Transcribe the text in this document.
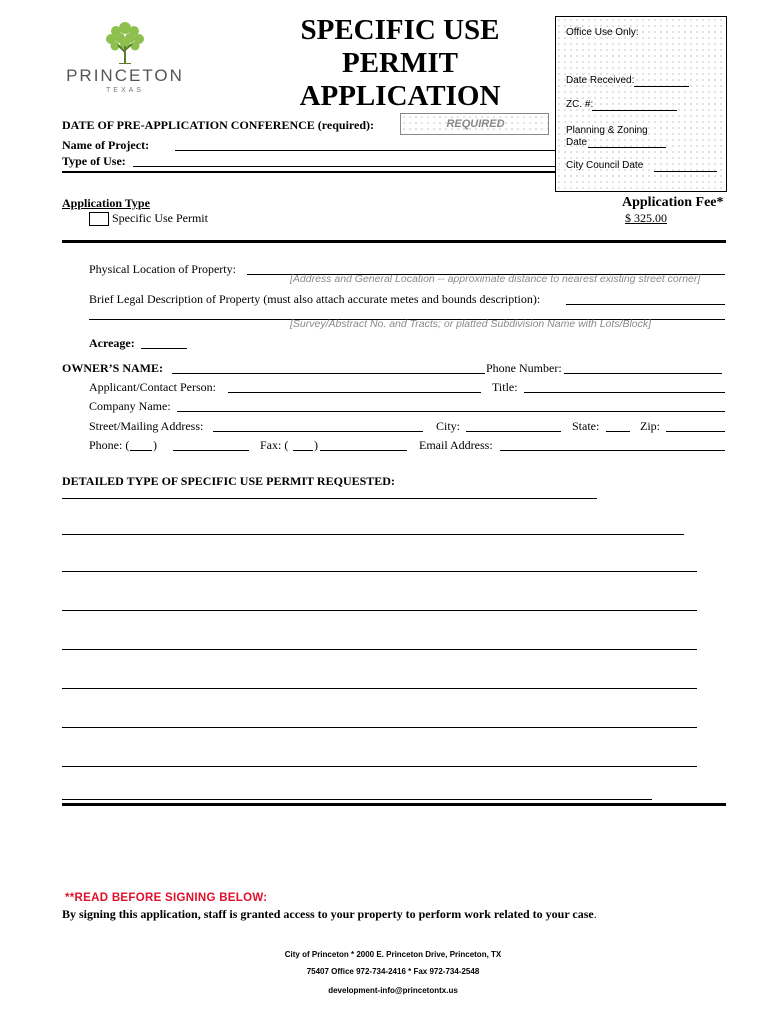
PRINCETON
TEXAS
SPECIFIC USE
PERMIT
APPLICATION
Office Use Only:
Date Received:
ZC. #:
Planning & Zoning
Date
City Council Date
DATE OF PRE-APPLICATION CONFERENCE (required):	REQUIRED
Name of Project:
Type of Use:
Application Type
Specific Use Permit
Application Fee*
$ 325.00
Physical Location of Property:
[Address and General Location -- approximate distance to nearest existing street corner]
Brief Legal Description of Property (must also attach accurate metes and bounds description):
[Survey/Abstract No. and Tracts; or platted Subdivision Name with Lots/Block]
Acreage:
OWNER’S NAME:	Phone Number:
Applicant/Contact Person:	Title:
Company Name:
Street/Mailing Address:	City:	State:	Zip:
Phone: ( )	Fax: ( )	Email Address:
DETAILED TYPE OF SPECIFIC USE PERMIT REQUESTED:
**READ BEFORE SIGNING BELOW:
By signing this application, staff is granted access to your property to perform work related to your case.
City of Princeton * 2000 E. Princeton Drive, Princeton, TX
75407 Office 972-734-2416 * Fax 972-734-2548
development-info@princetontx.us
